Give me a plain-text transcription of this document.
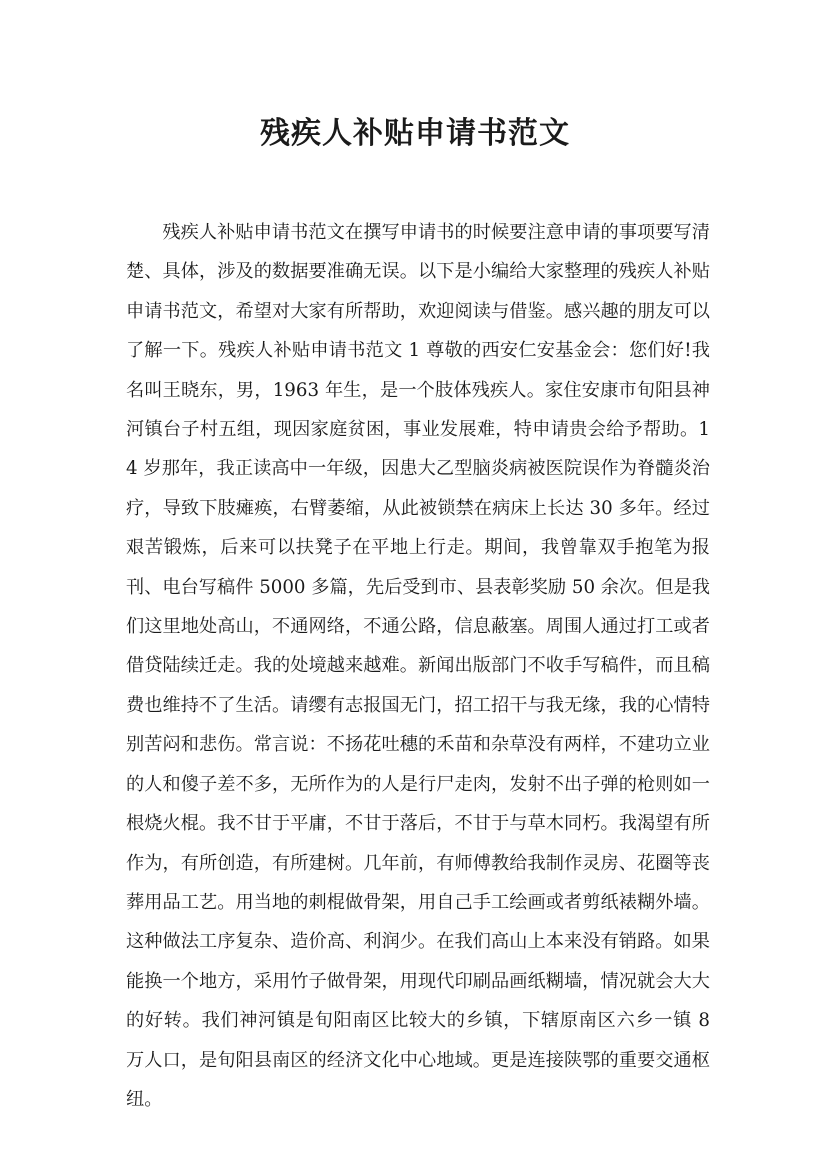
残疾人补贴申请书范文

残疾人补贴申请书范文在撰写申请书的时候要注意申请的事项要写清楚、具体，涉及的数据要准确无误。以下是小编给大家整理的残疾人补贴申请书范文，希望对大家有所帮助，欢迎阅读与借鉴。感兴趣的朋友可以了解一下。残疾人补贴申请书范文 1 尊敬的西安仁安基金会：您们好!我名叫王晓东，男，1963 年生，是一个肢体残疾人。家住安康市旬阳县神河镇台子村五组，现因家庭贫困，事业发展难，特申请贵会给予帮助。14 岁那年，我正读高中一年级，因患大乙型脑炎病被医院误作为脊髓炎治疗，导致下肢瘫痪，右臂萎缩，从此被锁禁在病床上长达 30 多年。经过艰苦锻炼，后来可以扶凳子在平地上行走。期间，我曾靠双手抱笔为报刊、电台写稿件 5000 多篇，先后受到市、县表彰奖励 50 余次。但是我们这里地处高山，不通网络，不通公路，信息蔽塞。周围人通过打工或者借贷陆续迁走。我的处境越来越难。新闻出版部门不收手写稿件，而且稿费也维持不了生活。请缨有志报国无门，招工招干与我无缘，我的心情特别苦闷和悲伤。常言说：不扬花吐穗的禾苗和杂草没有两样，不建功立业的人和傻子差不多，无所作为的人是行尸走肉，发射不出子弹的枪则如一根烧火棍。我不甘于平庸，不甘于落后，不甘于与草木同朽。我渴望有所作为，有所创造，有所建树。几年前，有师傅教给我制作灵房、花圈等丧葬用品工艺。用当地的刺棍做骨架，用自己手工绘画或者剪纸裱糊外墙。这种做法工序复杂、造价高、利润少。在我们高山上本来没有销路。如果能换一个地方，采用竹子做骨架，用现代印刷品画纸糊墙，情况就会大大的好转。我们神河镇是旬阳南区比较大的乡镇，下辖原南区六乡一镇 8 万人口，是旬阳县南区的经济文化中心地域。更是连接陕鄂的重要交通枢纽。
